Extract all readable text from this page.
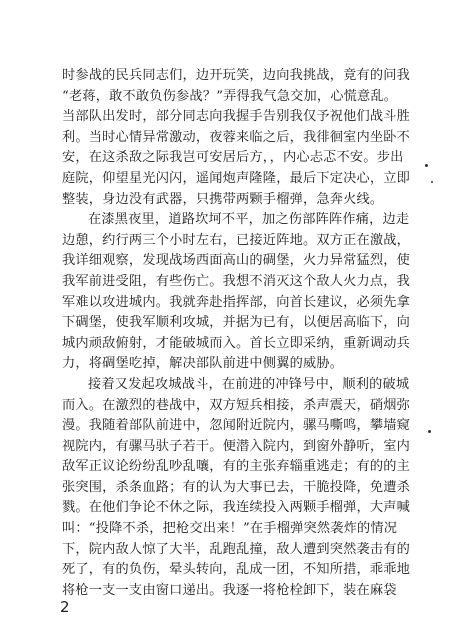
时参战的民兵同志们，边开玩笑，边向我挑战，竟有的问我
“老蒋，敢不敢负伤参战？”弄得我气急交加，心慌意乱。
当部队出发时，部分同志向我握手告别我仅予祝他们战斗胜
利。当时心情异常激动，夜蓉来临之后，我徘徊室内坐卧不
安，在这杀敌之际我岂可安居后方，，内心忐忑不安。步出
庭院，仰望星光闪闪，遥闻炮声隆隆，最后下定决心，立即
整装，身边没有武器，只携带两颗手榴弹，急奔火线。
在漆黑夜里，道路坎坷不平，加之伤部阵阵作痛，边走
边憩，约行两三个小时左右，已接近阵地。双方正在激战，
我详细观察，发现战场西面高山的碉堡，火力异常猛烈，使
我军前进受阻，有些伤亡。我想不消灭这个敌人火力点，我
军难以攻进城内。我就奔赴指挥部，向首长建议，必须先拿
下碉堡，使我军顺利攻城，并据为已有，以便居高临下，向
城内顽敌俯射，才能破城而入。首长立即采纳，重新调动兵
力，将碉堡吃掉，解决部队前进中侧翼的威胁。
接着又发起攻城战斗，在前进的冲锋号中，顺利的破城
而入。在激烈的巷战中，双方短兵相接，杀声震天，硝烟弥
漫。我随着部队前进中，忽闻附近院内，骡马嘶鸣，攀墙窥
视院内，有骡马驮子若干。便潜入院内，到窗外静听，室内
敌军正议论纷纷乱吵乱嚷，有的主张弃辎重逃走；有的的主
张突围，杀条血路；有的认为大事已去，干脆投降，免遭杀
戮。在他们争论不休之际，我连续投入两颗手榴弹，大声喊
叫：“投降不杀，把枪交出来！”在手榴弹突然袭炸的情况
下，院内敌人惊了大半，乱跑乱撞，敌人遭到突然袭击有的
死了，有的负伤，晕头转向，乱成一团，不知所措，乖乖地
将枪一支一支由窗口递出。我逐一将枪栓卸下，装在麻袋
2
